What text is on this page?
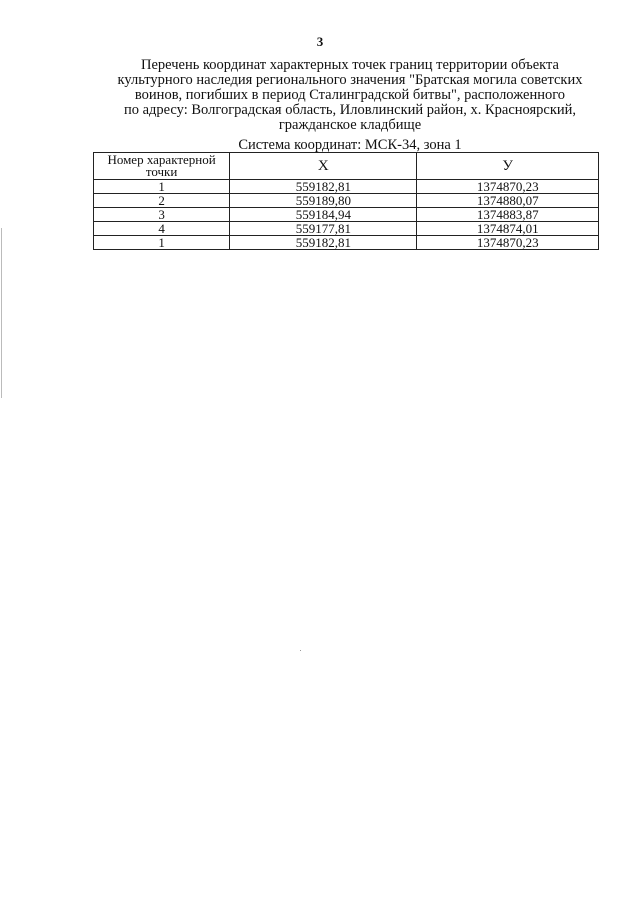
3
Перечень координат характерных точек границ территории объекта
культурного наследия регионального значения "Братская могила советских
воинов, погибших в период Сталинградской битвы", расположенного
по адресу: Волгоградская область, Иловлинский район, х. Красноярский,
гражданское кладбище
Система координат: МСК-34, зона 1
Номер характерной точки	X	У
1	559182,81	1374870,23
2	559189,80	1374880,07
3	559184,94	1374883,87
4	559177,81	1374874,01
1	559182,81	1374870,23
